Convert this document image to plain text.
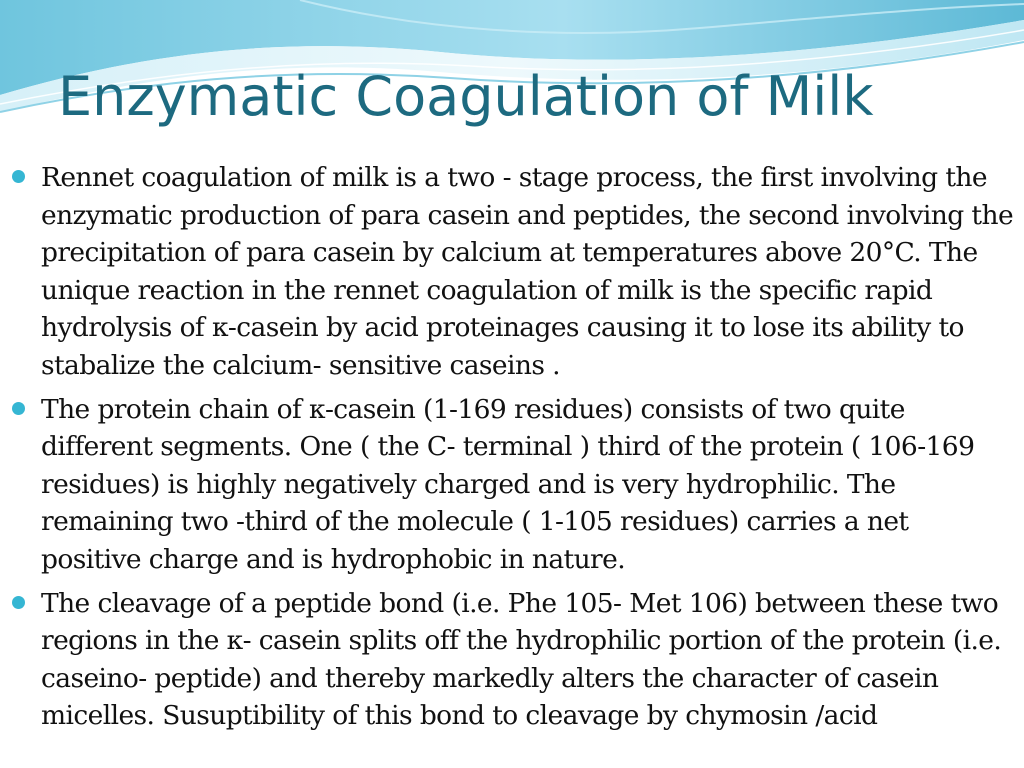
Enzymatic Coagulation of Milk
Rennet coagulation of milk is a two - stage process, the first involving the enzymatic production of para casein and peptides, the second involving the precipitation of para casein by calcium at temperatures above 20°C. The unique reaction in the rennet coagulation of milk is the specific rapid hydrolysis of κ-casein by acid proteinages causing it to lose its ability to stabalize the calcium- sensitive caseins .
The protein chain of κ-casein (1-169 residues) consists of two quite different segments. One ( the C- terminal ) third of the protein ( 106-169 residues) is highly negatively charged and is very hydrophilic. The remaining two -third of the molecule ( 1-105 residues) carries a net positive charge and is hydrophobic in nature.
The cleavage of a peptide bond (i.e. Phe 105- Met 106) between these two regions in the κ- casein splits off the hydrophilic portion of the protein (i.e. caseino- peptide) and thereby markedly alters the character of casein micelles. Susuptibility of this bond to cleavage by chymosin /acid
